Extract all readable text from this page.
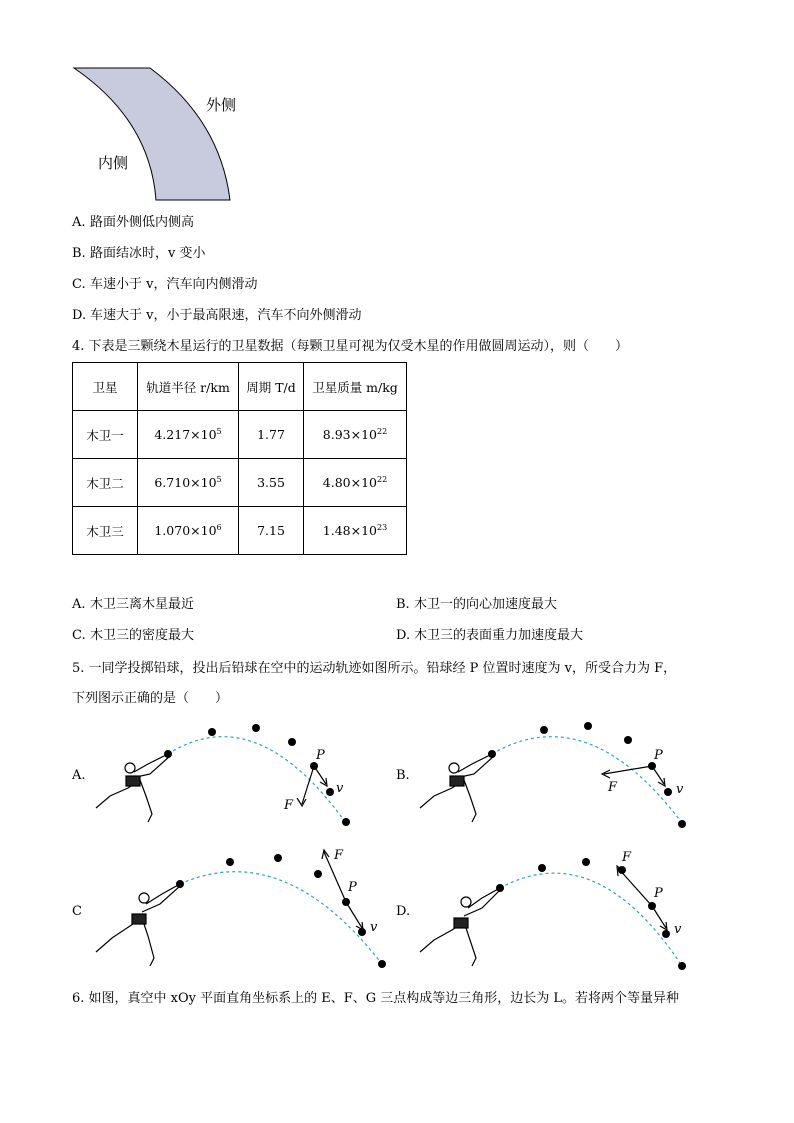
外侧
内侧
A. 路面外侧低内侧高
B. 路面结冰时，v 变小
C. 车速小于 v，汽车向内侧滑动
D. 车速大于 v，小于最高限速，汽车不向外侧滑动
4. 下表是三颗绕木星运行的卫星数据（每颗卫星可视为仅受木星的作用做圆周运动），则（　　）
卫星	轨道半径 r/km	周期 T/d	卫星质量 m/kg
木卫一	$4.217\times 10^5$	1.77	$8.93\times 10^{22}$
木卫二	$6.710\times 10^5$	3.55	$4.80\times 10^{22}$
木卫三	$1.070\times 10^6$	7.15	$1.48\times 10^{23}$
A. 木卫三离木星最近	B. 木卫一的向心加速度最大
C. 木卫三的密度最大	D. 木卫三的表面重力加速度最大
5. 一同学投掷铅球，投出后铅球在空中的运动轨迹如图所示。铅球经 P 位置时速度为 v，所受合力为 F，
下列图示正确的是（　　）
A.
P
v
F
B.
P
v
F
C
P
v
F
D.
P
v
F
6. 如图，真空中 xOy 平面直角坐标系上的 E、F、G 三点构成等边三角形，边长为 L。若将两个等量异种
